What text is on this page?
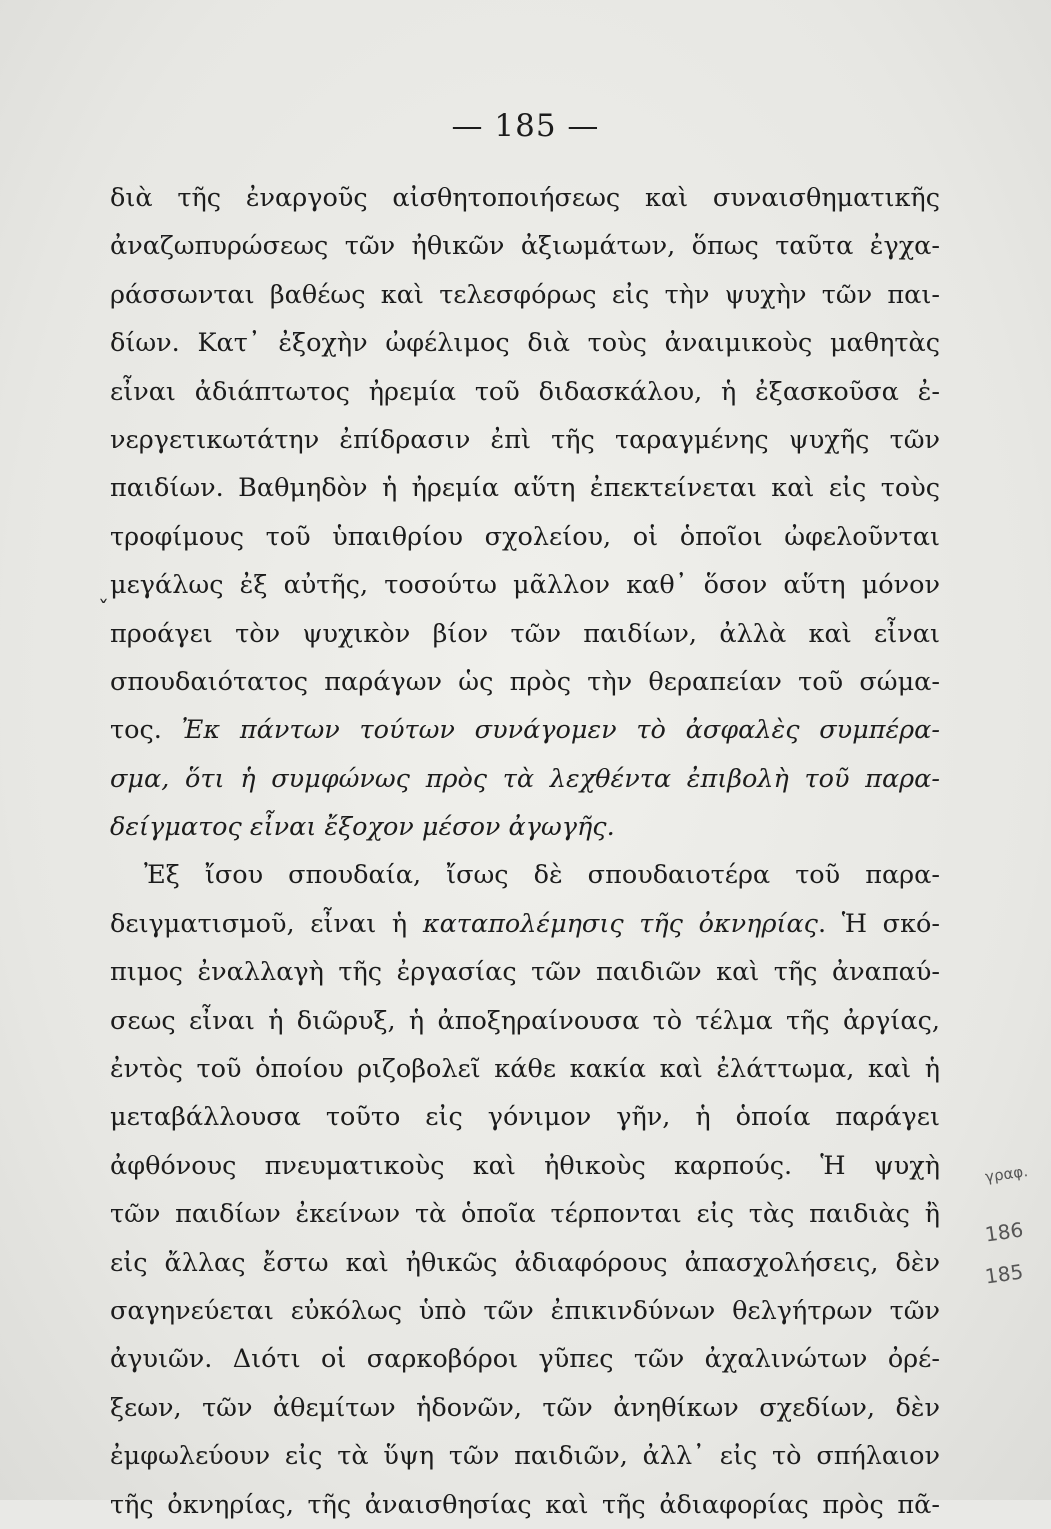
— 185 —
ˇ
διὰ τῆς ἐναργοῦς αἰσθητοποιήσεως καὶ συναισθηματικῆς
ἀναζωπυρώσεως τῶν ἠθικῶν ἀξιωμάτων, ὅπως ταῦτα ἐγχα-
ράσσωνται βαθέως καὶ τελεσφόρως εἰς τὴν ψυχὴν τῶν παι-
δίων. Κατ᾽ ἐξοχὴν ὠφέλιμος διὰ τοὺς ἀναιμικοὺς μαθητὰς
εἶναι ἀδιάπτωτος ἠρεμία τοῦ διδασκάλου, ἡ ἐξασκοῦσα ἐ-
νεργετικωτάτην ἐπίδρασιν ἐπὶ τῆς ταραγμένης ψυχῆς τῶν
παιδίων. Βαθμηδὸν ἡ ἠρεμία αὕτη ἐπεκτείνεται καὶ εἰς τοὺς
τροφίμους τοῦ ὑπαιθρίου σχολείου, οἱ ὁποῖοι ὠφελοῦνται
μεγάλως ἐξ αὐτῆς, τοσούτω μᾶλλον καθ᾽ ὅσον αὕτη μόνον
προάγει τὸν ψυχικὸν βίον τῶν παιδίων, ἀλλὰ καὶ εἶναι
σπουδαιότατος παράγων ὡς πρὸς τὴν θεραπείαν τοῦ σώμα-
τος. Ἐκ πάντων τούτων συνάγομεν τὸ ἀσφαλὲς συμπέρα-
σμα, ὅτι ἡ συμφώνως πρὸς τὰ λεχθέντα ἐπιβολὴ τοῦ παρα-
δείγματος εἶναι ἔξοχον μέσον ἀγωγῆς.
Ἐξ ἴσου σπουδαία, ἴσως δὲ σπουδαιοτέρα τοῦ παρα-
δειγματισμοῦ, εἶναι ἡ καταπολέμησις τῆς ὀκνηρίας. Ἡ σκό-
πιμος ἐναλλαγὴ τῆς ἐργασίας τῶν παιδιῶν καὶ τῆς ἀναπαύ-
σεως εἶναι ἡ διῶρυξ, ἡ ἀποξηραίνουσα τὸ τέλμα τῆς ἀργίας,
ἐντὸς τοῦ ὁποίου ριζοβολεῖ κάθε κακία καὶ ἐλάττωμα, καὶ ἡ
μεταβάλλουσα τοῦτο εἰς γόνιμον γῆν, ἡ ὁποία παράγει
ἀφθόνους πνευματικοὺς καὶ ἠθικοὺς καρπούς. Ἡ ψυχὴ
τῶν παιδίων ἐκείνων τὰ ὁποῖα τέρπονται εἰς τὰς παιδιὰς ἢ
εἰς ἄλλας ἔστω καὶ ἠθικῶς ἀδιαφόρους ἀπασχολήσεις, δὲν
σαγηνεύεται εὐκόλως ὑπὸ τῶν ἐπικινδύνων θελγήτρων τῶν
ἀγυιῶν. Διότι οἱ σαρκοβόροι γῦπες τῶν ἀχαλινώτων ὀρέ-
ξεων, τῶν ἀθεμίτων ἡδονῶν, τῶν ἀνηθίκων σχεδίων, δὲν
ἐμφωλεύουν εἰς τὰ ὕψη τῶν παιδιῶν, ἀλλ᾽ εἰς τὸ σπήλαιον
τῆς ὀκνηρίας, τῆς ἀναισθησίας καὶ τῆς ἀδιαφορίας πρὸς πᾶ-
γραφ.
186
185
